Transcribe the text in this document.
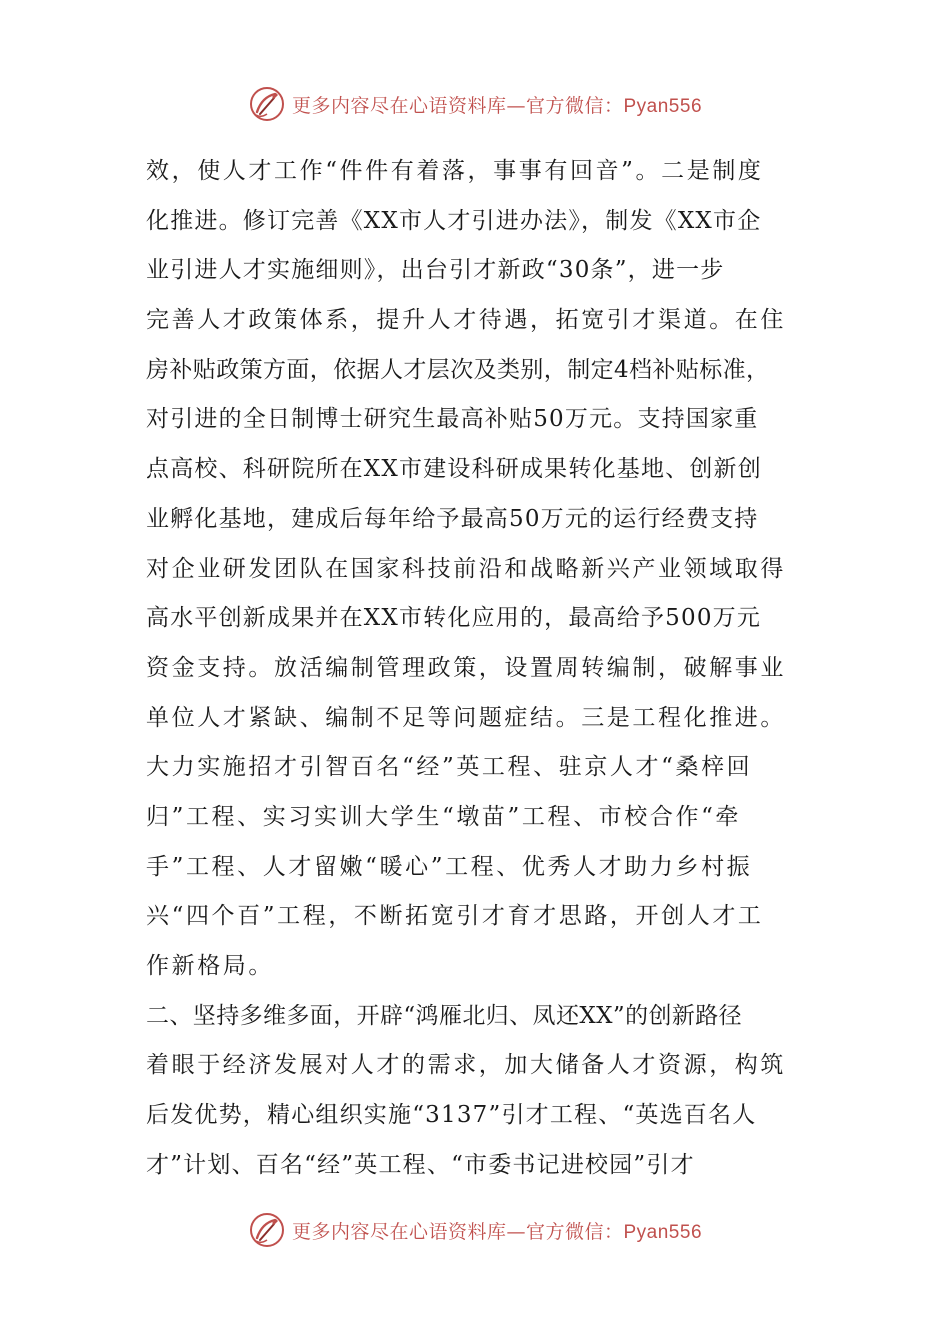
更多内容尽在心语资料库—官方微信：Pyan556
效，使人才工作“件件有着落，事事有回音”。二是制度
化推进。修订完善《XX市人才引进办法》，制发《XX市企
业引进人才实施细则》，出台引才新政“30条”，进一步
完善人才政策体系，提升人才待遇，拓宽引才渠道。在住
房补贴政策方面，依据人才层次及类别，制定4档补贴标准，
对引进的全日制博士研究生最高补贴50万元。支持国家重
点高校、科研院所在XX市建设科研成果转化基地、创新创
业孵化基地，建成后每年给予最高50万元的运行经费支持
对企业研发团队在国家科技前沿和战略新兴产业领域取得
高水平创新成果并在XX市转化应用的，最高给予500万元
资金支持。放活编制管理政策，设置周转编制，破解事业
单位人才紧缺、编制不足等问题症结。三是工程化推进。
大力实施招才引智百名“经”英工程、驻京人才“桑梓回
归”工程、实习实训大学生“墩苗”工程、市校合作“牵
手”工程、人才留嫩“暖心”工程、优秀人才助力乡村振
兴“四个百”工程，不断拓宽引才育才思路，开创人才工
作新格局。
二、坚持多维多面，开辟“鸿雁北归、凤还XX”的创新路径
着眼于经济发展对人才的需求，加大储备人才资源，构筑
后发优势，精心组织实施“3137”引才工程、“英选百名人
才”计划、百名“经”英工程、“市委书记进校园”引才
更多内容尽在心语资料库—官方微信：Pyan556
